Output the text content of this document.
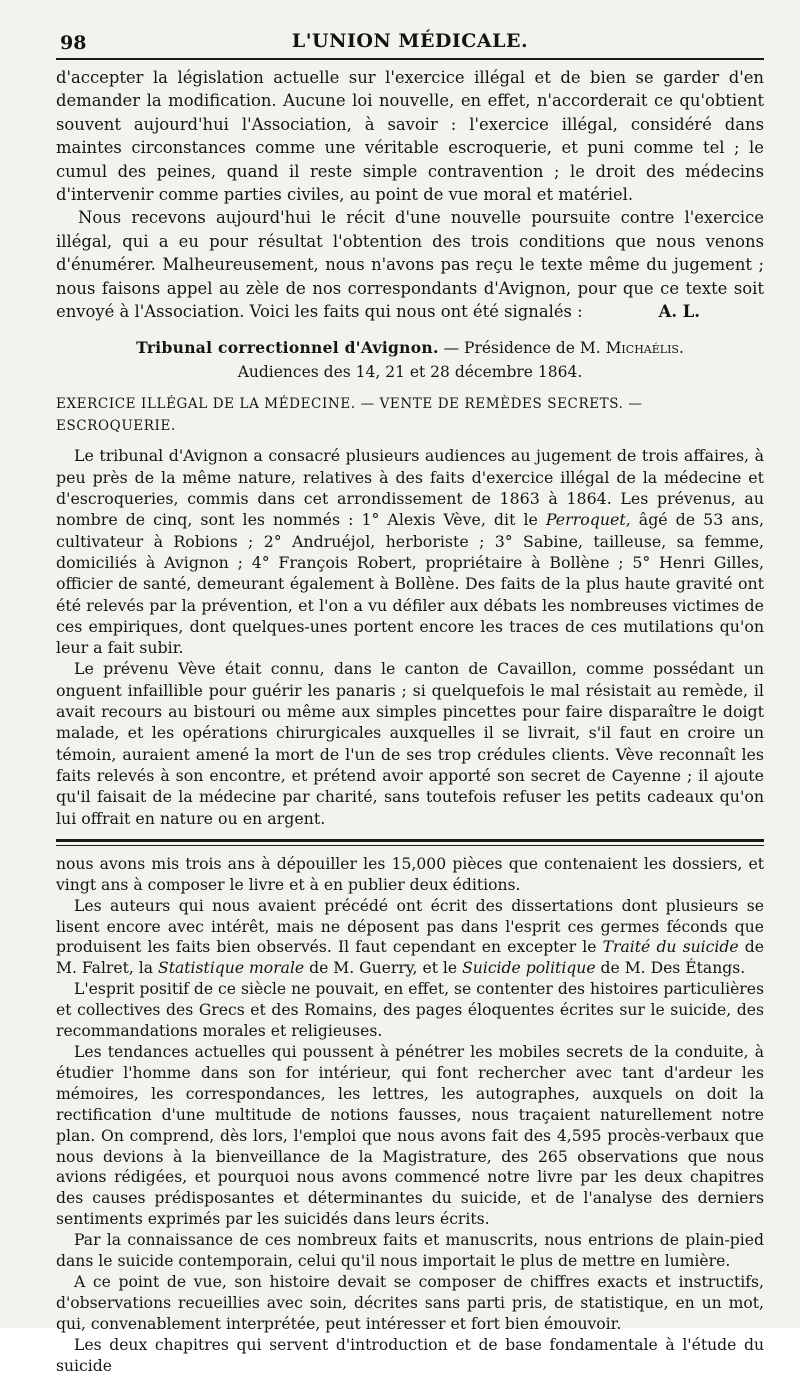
98	L'UNION MÉDICALE.

d'accepter la législation actuelle sur l'exercice illégal et de bien se garder d'en demander la modification. Aucune loi nouvelle, en effet, n'accorderait ce qu'obtient souvent aujourd'hui l'Association, à savoir : l'exercice illégal, considéré dans maintes circonstances comme une véritable escroquerie, et puni comme tel ; le cumul des peines, quand il reste simple contravention ; le droit des médecins d'intervenir comme parties civiles, au point de vue moral et matériel.

Nous recevons aujourd'hui le récit d'une nouvelle poursuite contre l'exercice illégal, qui a eu pour résultat l'obtention des trois conditions que nous venons d'énumérer. Malheureusement, nous n'avons pas reçu le texte même du jugement ; nous faisons appel au zèle de nos correspondants d'Avignon, pour que ce texte soit envoyé à l'Association. Voici les faits qui nous ont été signalés :	A. L.

Tribunal correctionnel d'Avignon. — Présidence de M. Michaélis.
Audiences des 14, 21 et 28 décembre 1864.
EXERCICE ILLÉGAL DE LA MÉDECINE. — VENTE DE REMÈDES SECRETS. — ESCROQUERIE.

Le tribunal d'Avignon a consacré plusieurs audiences au jugement de trois affaires, à peu près de la même nature, relatives à des faits d'exercice illégal de la médecine et d'escroqueries, commis dans cet arrondissement de 1863 à 1864. Les prévenus, au nombre de cinq, sont les nommés : 1° Alexis Vève, dit le Perroquet, âgé de 53 ans, cultivateur à Robions ; 2° Andruéjol, herboriste ; 3° Sabine, tailleuse, sa femme, domiciliés à Avignon ; 4° François Robert, propriétaire à Bollène ; 5° Henri Gilles, officier de santé, demeurant également à Bollène. Des faits de la plus haute gravité ont été relevés par la prévention, et l'on a vu défiler aux débats les nombreuses victimes de ces empiriques, dont quelques-unes portent encore les traces de ces mutilations qu'on leur a fait subir.

Le prévenu Vève était connu, dans le canton de Cavaillon, comme possédant un onguent infaillible pour guérir les panaris ; si quelquefois le mal résistait au remède, il avait recours au bistouri ou même aux simples pincettes pour faire disparaître le doigt malade, et les opérations chirurgicales auxquelles il se livrait, s'il faut en croire un témoin, auraient amené la mort de l'un de ses trop crédules clients. Vève reconnaît les faits relevés à son encontre, et prétend avoir apporté son secret de Cayenne ; il ajoute qu'il faisait de la médecine par charité, sans toutefois refuser les petits cadeaux qu'on lui offrait en nature ou en argent.

nous avons mis trois ans à dépouiller les 15,000 pièces que contenaient les dossiers, et vingt ans à composer le livre et à en publier deux éditions.

Les auteurs qui nous avaient précédé ont écrit des dissertations dont plusieurs se lisent encore avec intérêt, mais ne déposent pas dans l'esprit ces germes féconds que produisent les faits bien observés. Il faut cependant en excepter le Traité du suicide de M. Falret, la Statistique morale de M. Guerry, et le Suicide politique de M. Des Étangs.

L'esprit positif de ce siècle ne pouvait, en effet, se contenter des histoires particulières et collectives des Grecs et des Romains, des pages éloquentes écrites sur le suicide, des recommandations morales et religieuses.

Les tendances actuelles qui poussent à pénétrer les mobiles secrets de la conduite, à étudier l'homme dans son for intérieur, qui font rechercher avec tant d'ardeur les mémoires, les correspondances, les lettres, les autographes, auxquels on doit la rectification d'une multitude de notions fausses, nous traçaient naturellement notre plan. On comprend, dès lors, l'emploi que nous avons fait des 4,595 procès-verbaux que nous devions à la bienveillance de la Magistrature, des 265 observations que nous avions rédigées, et pourquoi nous avons commencé notre livre par les deux chapitres des causes prédisposantes et déterminantes du suicide, et de l'analyse des derniers sentiments exprimés par les suicidés dans leurs écrits.

Par la connaissance de ces nombreux faits et manuscrits, nous entrions de plain-pied dans le suicide contemporain, celui qu'il nous importait le plus de mettre en lumière.

A ce point de vue, son histoire devait se composer de chiffres exacts et instructifs, d'observations recueillies avec soin, décrites sans parti pris, de statistique, en un mot, qui, convenablement interprétée, peut intéresser et fort bien émouvoir.

Les deux chapitres qui servent d'introduction et de base fondamentale à l'étude du suicide
